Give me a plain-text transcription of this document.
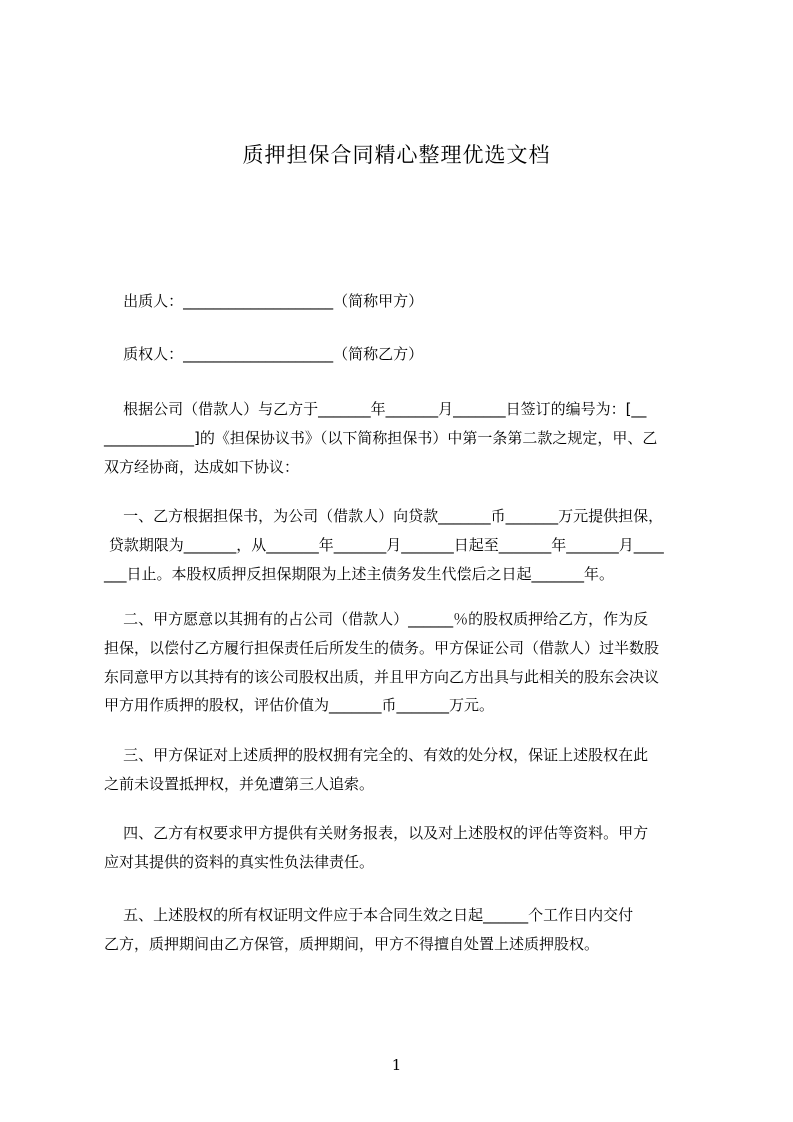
质押担保合同精心整理优选文档
出质人：____________________（简称甲方）
质权人：____________________（简称乙方）
根据公司（借款人）与乙方于_______年_______月_______日签订的编号为：[__
____________]的《担保协议书》（以下简称担保书）中第一条第二款之规定，甲、乙
双方经协商，达成如下协议：
一、乙方根据担保书，为公司（借款人）向贷款_______币_______万元提供担保，
贷款期限为_______，从_______年_______月_______日起至_______年_______月____
___日止。本股权质押反担保期限为上述主债务发生代偿后之日起_______年。
二、甲方愿意以其拥有的占公司（借款人）______％的股权质押给乙方，作为反
担保，以偿付乙方履行担保责任后所发生的债务。甲方保证公司（借款人）过半数股
东同意甲方以其持有的该公司股权出质，并且甲方向乙方出具与此相关的股东会决议
甲方用作质押的股权，评估价值为_______币_______万元。
三、甲方保证对上述质押的股权拥有完全的、有效的处分权，保证上述股权在此
之前未设置抵押权，并免遭第三人追索。
四、乙方有权要求甲方提供有关财务报表，以及对上述股权的评估等资料。甲方
应对其提供的资料的真实性负法律责任。
五、上述股权的所有权证明文件应于本合同生效之日起______个工作日内交付
乙方，质押期间由乙方保管，质押期间，甲方不得擅自处置上述质押股权。
1
